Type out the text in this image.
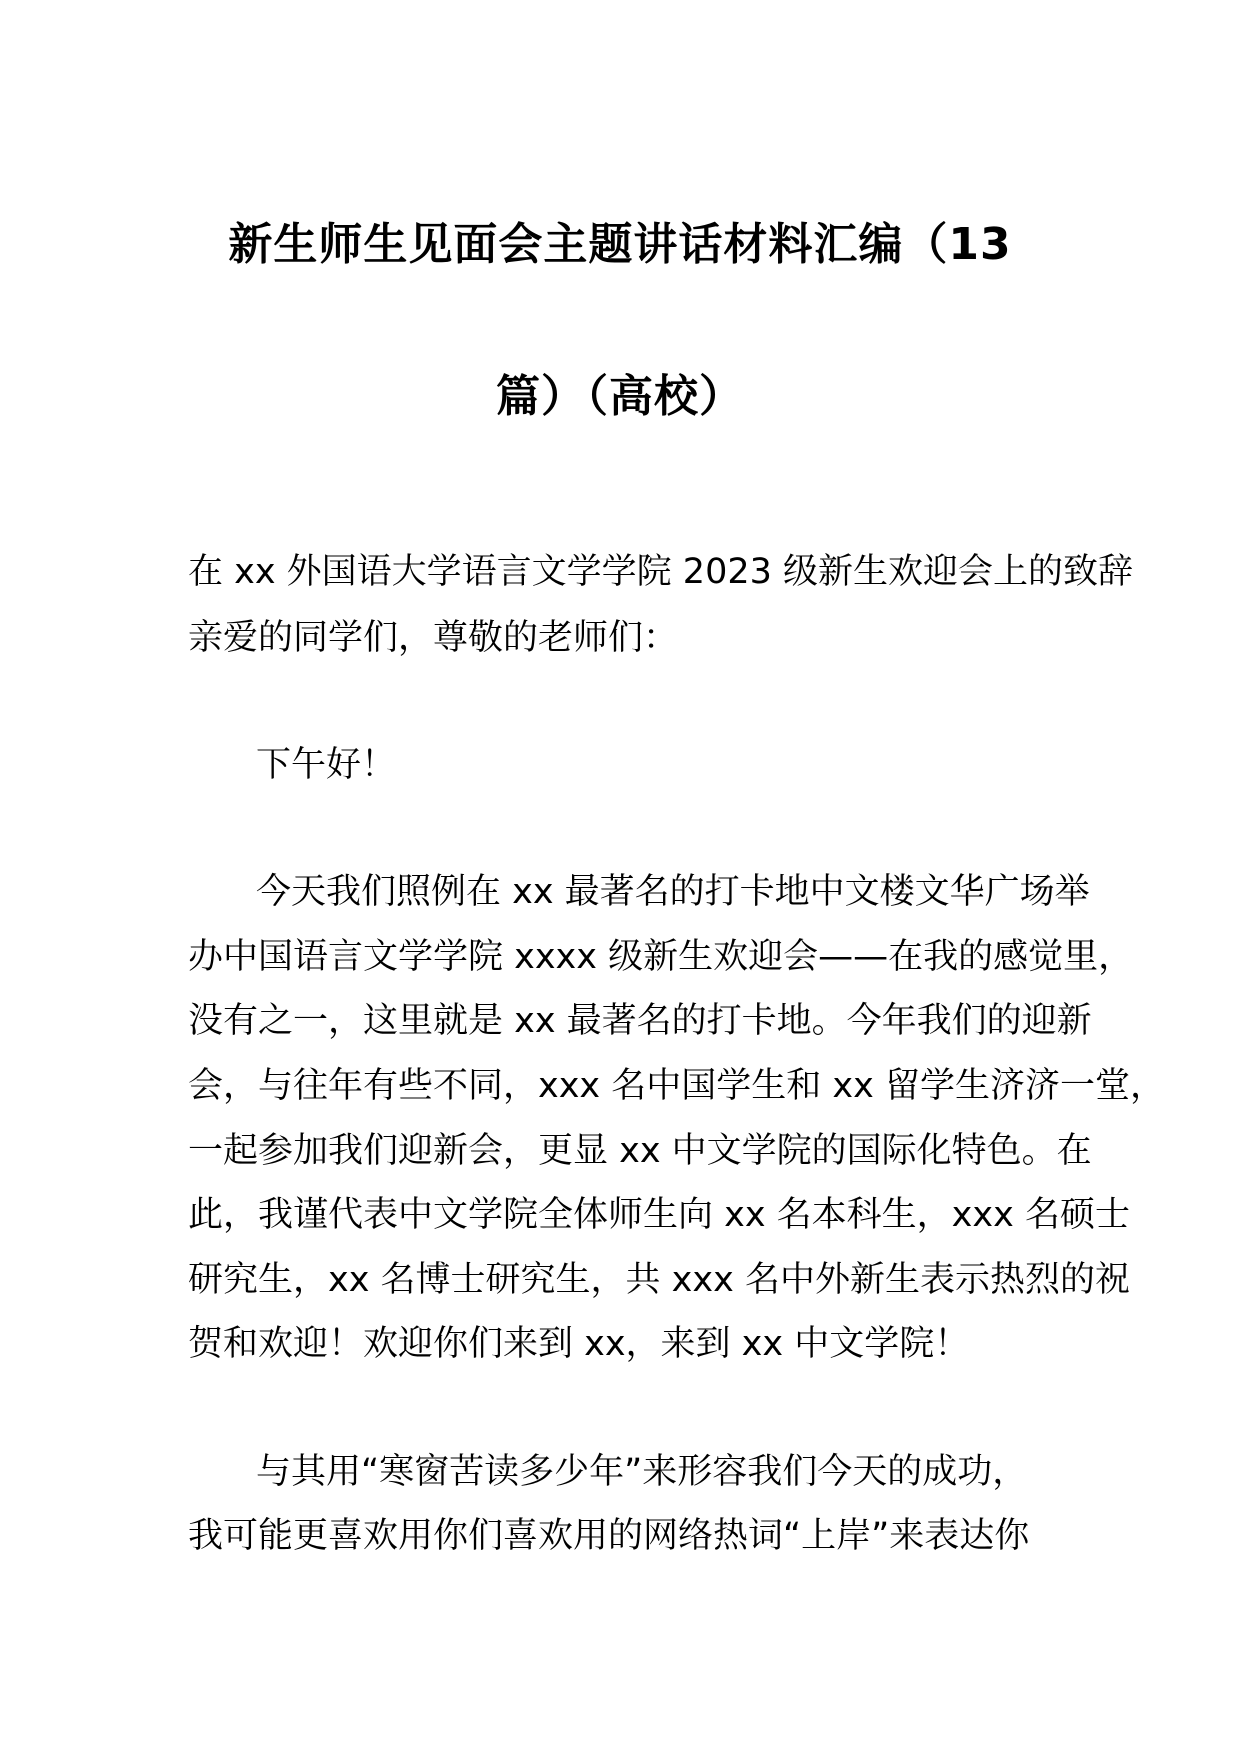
新生师生见面会主题讲话材料汇编（13
篇）（高校）

在 xx 外国语大学语言文学学院 2023 级新生欢迎会上的致辞

亲爱的同学们，尊敬的老师们：

下午好！

今天我们照例在 xx 最著名的打卡地中文楼文华广场举

办中国语言文学学院 xxxx 级新生欢迎会——在我的感觉里，

没有之一，这里就是 xx 最著名的打卡地。今年我们的迎新

会，与往年有些不同，xxx 名中国学生和 xx 留学生济济一堂，

一起参加我们迎新会，更显 xx 中文学院的国际化特色。在

此，我谨代表中文学院全体师生向 xx 名本科生，xxx 名硕士

研究生，xx 名博士研究生，共 xxx 名中外新生表示热烈的祝

贺和欢迎！欢迎你们来到 xx，来到 xx 中文学院！

与其用“寒窗苦读多少年”来形容我们今天的成功，

我可能更喜欢用你们喜欢用的网络热词“上岸”来表达你
